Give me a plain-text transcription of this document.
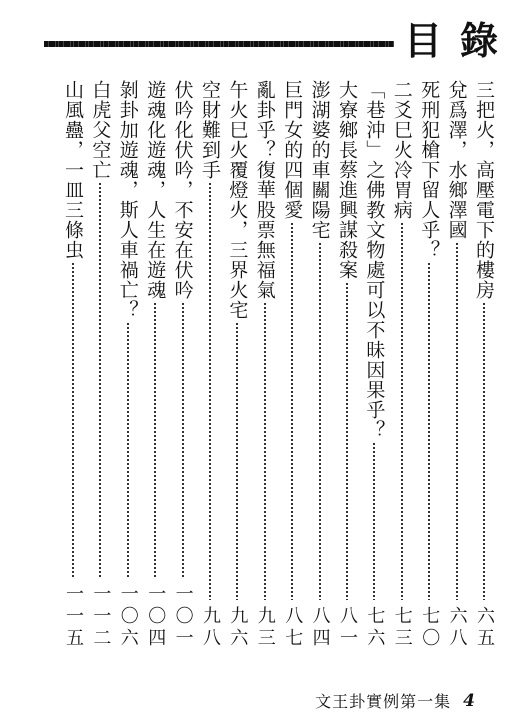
目 錄
三把火，高壓電下的樓房
六五
兌爲澤，水鄉澤國
六八
死刑犯槍下留人乎？
七〇
二爻巳火冷胃病
七三
「巷沖」之佛教文物處可以不昧因果乎？
七六
大寮鄉長蔡進興謀殺案
八一
澎湖婆的車關陽宅
八四
巨門女的四個愛
八七
亂卦乎？復華股票無福氣
九三
午火巳火覆燈火，三界火宅
九六
空財難到手
九八
伏吟化伏吟，不安在伏吟
一〇一
遊魂化遊魂，人生在遊魂
一〇四
剝卦加遊魂，斯人車禍亡？
一〇六
白虎父空亡
一一二
山風蠱，一皿三條虫
一一五
文王卦實例第一集 4
